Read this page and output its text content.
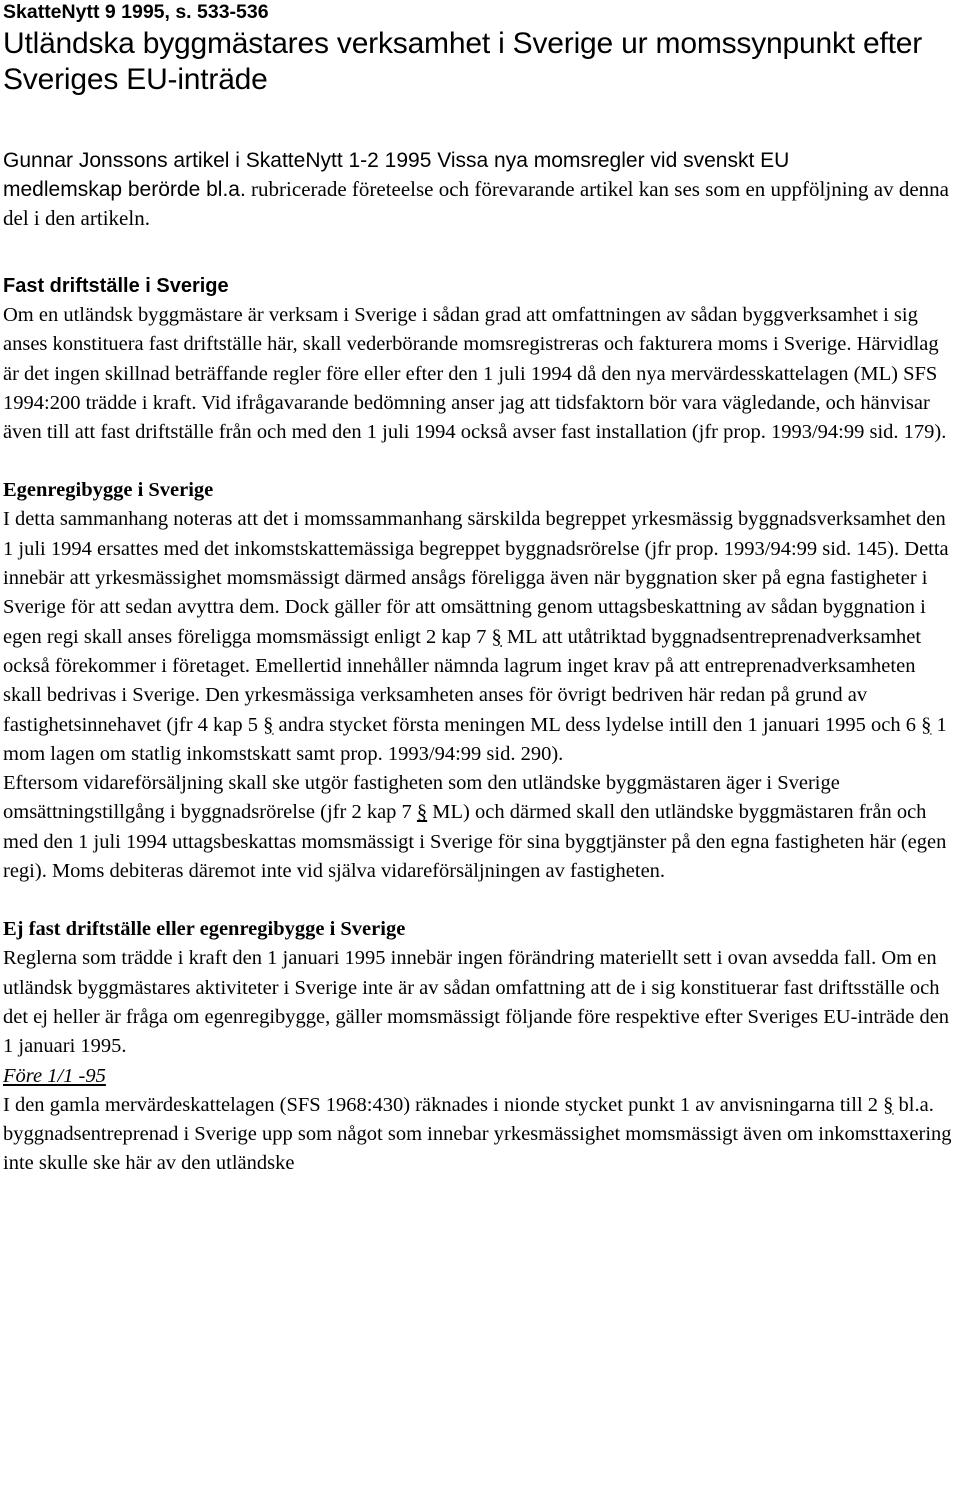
SkatteNytt 9 1995, s. 533-536
Utländska byggmästares verksamhet i Sverige ur momssynpunkt efter Sveriges EU-inträde

Gunnar Jonssons artikel i SkatteNytt 1-2 1995 Vissa nya momsregler vid svenskt EU
medlemskap berörde bl.a. rubricerade företeelse och förevarande artikel kan ses som en uppföljning av denna del i den artikeln.

Fast driftställe i Sverige

Om en utländsk byggmästare är verksam i Sverige i sådan grad att omfattningen av sådan byggverksamhet i sig anses konstituera fast driftställe här, skall vederbörande momsregistreras och fakturera moms i Sverige. Härvidlag är det ingen skillnad beträffande regler före eller efter den 1 juli 1994 då den nya mervärdesskattelagen (ML) SFS 1994:200 trädde i kraft. Vid ifrågavarande bedömning anser jag att tidsfaktorn bör vara vägledande, och hänvisar även till att fast driftställe från och med den 1 juli 1994 också avser fast installation (jfr prop. 1993/94:99 sid. 179).

Egenregibygge i Sverige

I detta sammanhang noteras att det i momssammanhang särskilda begreppet yrkesmässig byggnadsverksamhet den 1 juli 1994 ersattes med det inkomstskattemässiga begreppet byggnadsrörelse (jfr prop. 1993/94:99 sid. 145). Detta innebär att yrkesmässighet momsmässigt därmed ansågs föreligga även när byggnation sker på egna fastigheter i Sverige för att sedan avyttra dem. Dock gäller för att omsättning genom uttagsbeskattning av sådan byggnation i egen regi skall anses föreligga momsmässigt enligt 2 kap 7 § ML att utåtriktad byggnadsentreprenadverksamhet också förekommer i företaget. Emellertid innehåller nämnda lagrum inget krav på att entreprenadverksamheten skall bedrivas i Sverige. Den yrkesmässiga verksamheten anses för övrigt bedriven här redan på grund av fastighetsinnehavet (jfr 4 kap 5 § andra stycket första meningen ML dess lydelse intill den 1 januari 1995 och 6 § 1 mom lagen om statlig inkomstskatt samt prop. 1993/94:99 sid. 290).

Eftersom vidareförsäljning skall ske utgör fastigheten som den utländske byggmästaren äger i Sverige omsättningstillgång i byggnadsrörelse (jfr 2 kap 7 § ML) och därmed skall den utländske byggmästaren från och med den 1 juli 1994 uttagsbeskattas momsmässigt i Sverige för sina byggtjänster på den egna fastigheten här (egen regi). Moms debiteras däremot inte vid själva vidareförsäljningen av fastigheten.

Ej fast driftställe eller egenregibygge i Sverige

Reglerna som trädde i kraft den 1 januari 1995 innebär ingen förändring materiellt sett i ovan avsedda fall. Om en utländsk byggmästares aktiviteter i Sverige inte är av sådan omfattning att de i sig konstituerar fast driftsställe och det ej heller är fråga om egenregibygge, gäller momsmässigt följande före respektive efter Sveriges EU-inträde den 1 januari 1995.

Före 1/1 -95

I den gamla mervärdeskattelagen (SFS 1968:430) räknades i nionde stycket punkt 1 av anvisningarna till 2 § bl.a. byggnadsentreprenad i Sverige upp som något som innebar yrkesmässighet momsmässigt även om inkomsttaxering inte skulle ske här av den utländske
